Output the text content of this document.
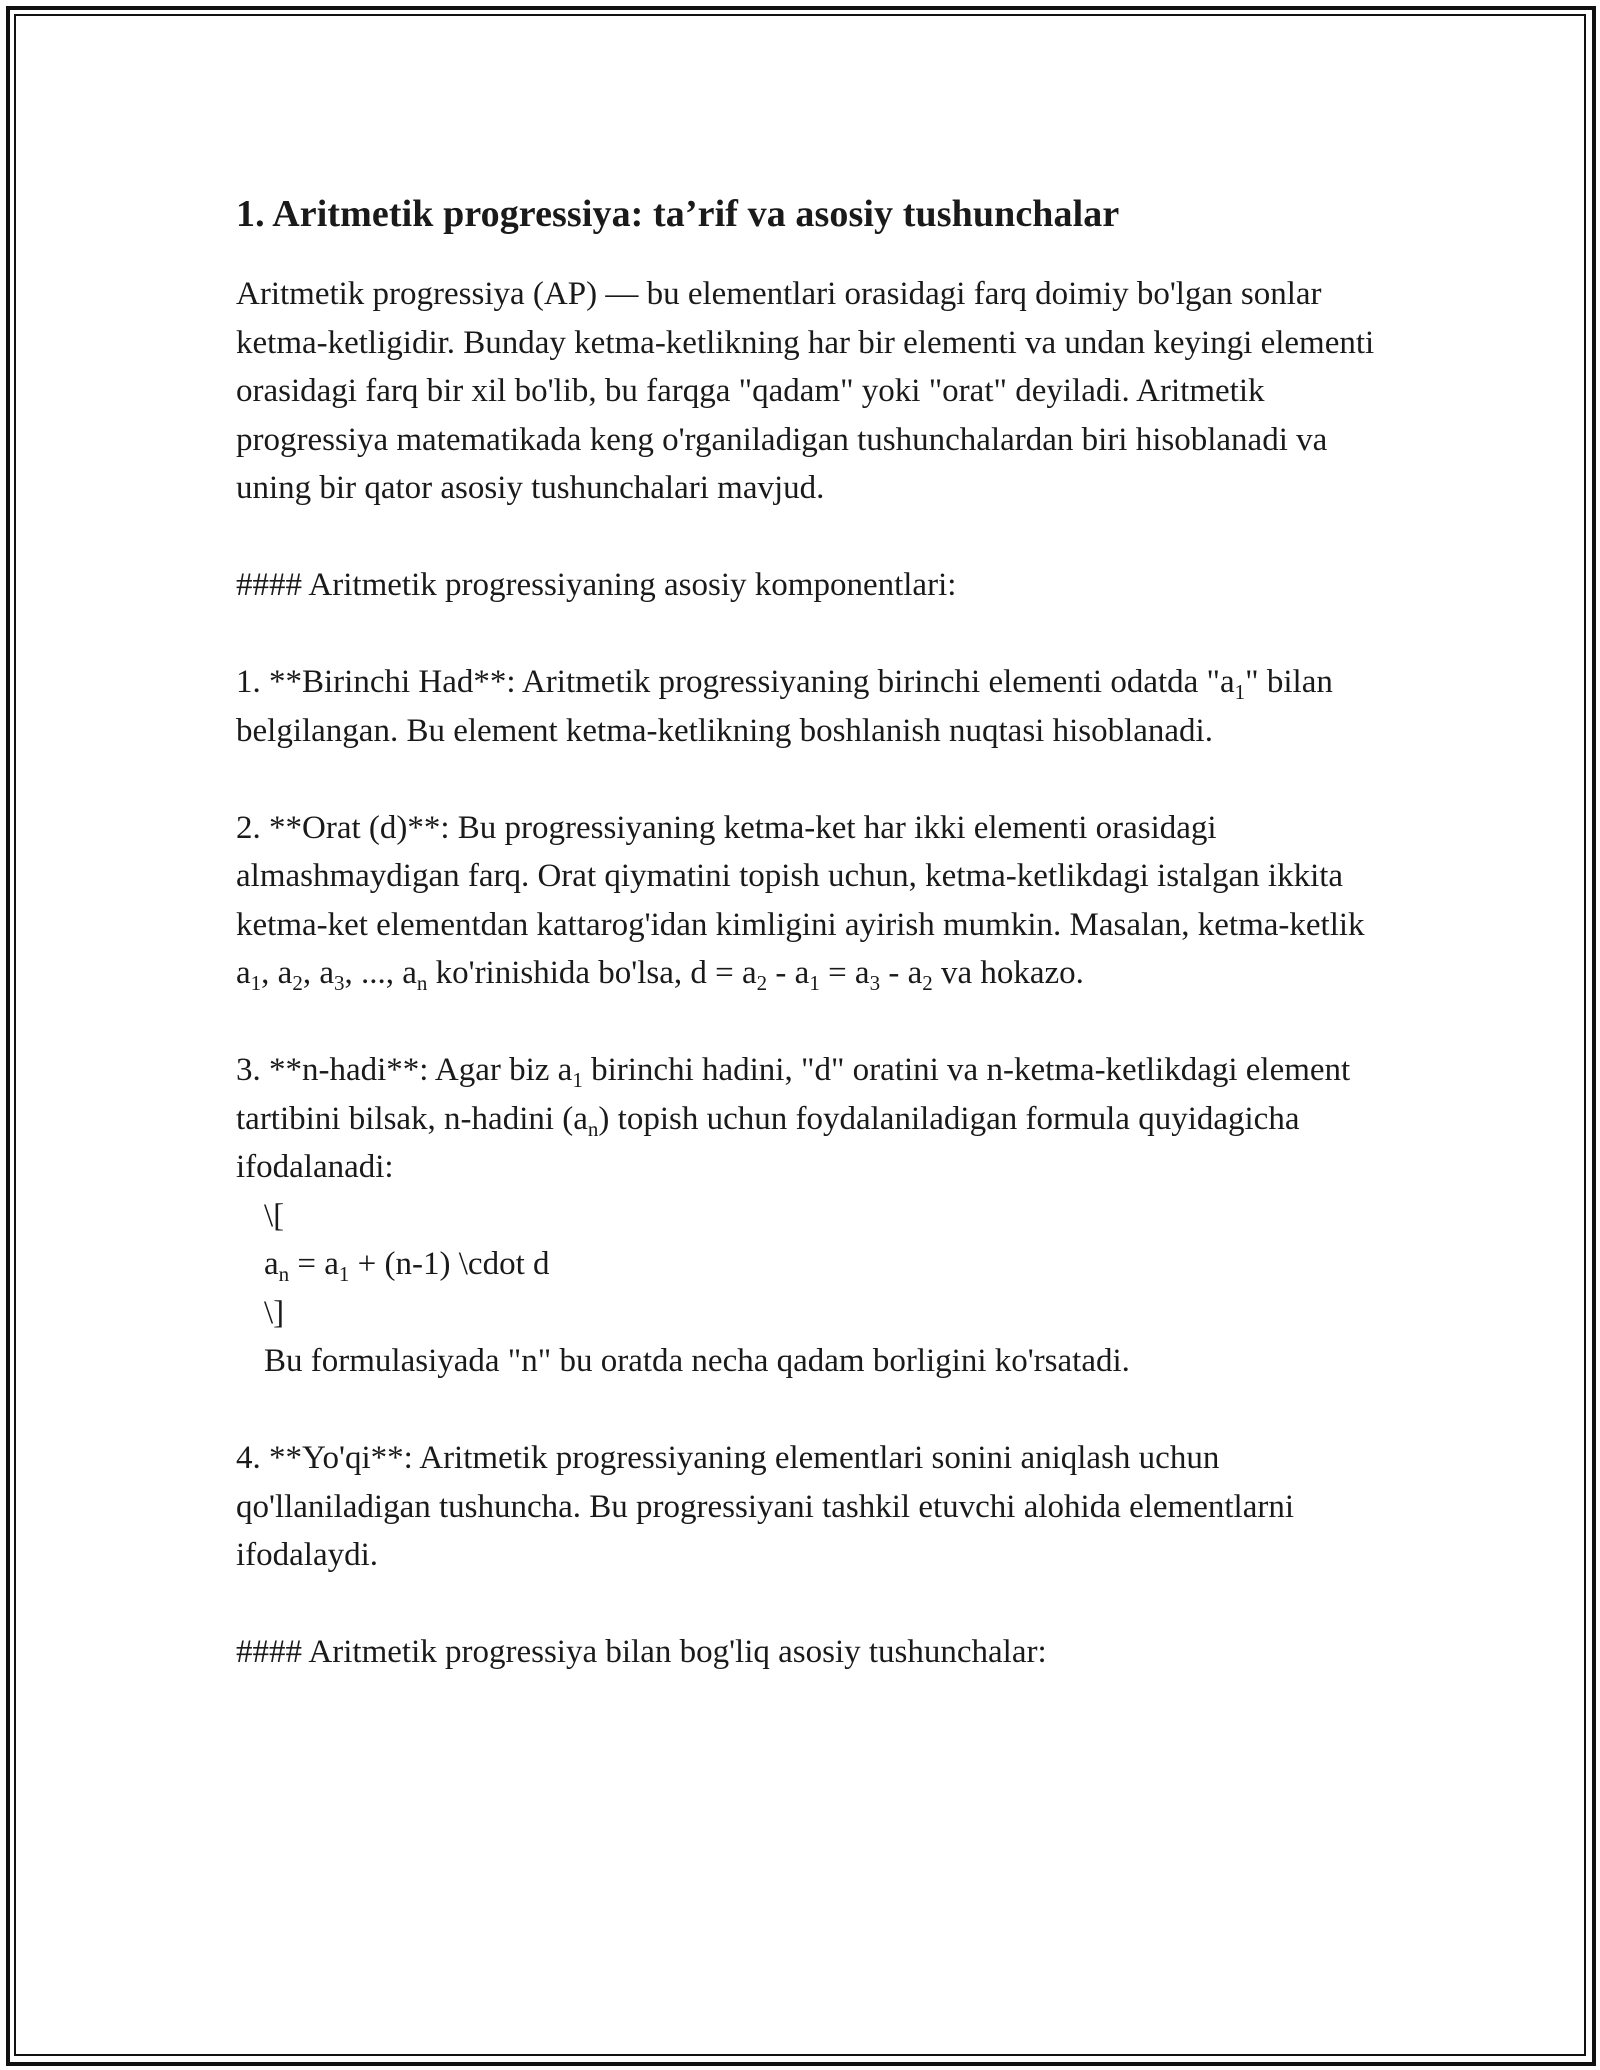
1. Aritmetik progressiya: ta’rif va asosiy tushunchalar

Aritmetik progressiya (AP) — bu elementlari orasidagi farq doimiy bo'lgan sonlar ketma-ketligidir. Bunday ketma-ketlikning har bir elementi va undan keyingi elementi orasidagi farq bir xil bo'lib, bu farqga "qadam" yoki "orat" deyiladi. Aritmetik progressiya matematikada keng o'rganiladigan tushunchalardan biri hisoblanadi va uning bir qator asosiy tushunchalari mavjud.

#### Aritmetik progressiyaning asosiy komponentlari:

1. **Birinchi Had**: Aritmetik progressiyaning birinchi elementi odatda "$a_1$" bilan belgilangan. Bu element ketma-ketlikning boshlanish nuqtasi hisoblanadi.

2. **Orat (d)**: Bu progressiyaning ketma-ket har ikki elementi orasidagi almashmaydigan farq. Orat qiymatini topish uchun, ketma-ketlikdagi istalgan ikkita ketma-ket elementdan kattarog'idan kimligini ayirish mumkin. Masalan, ketma-ketlik $a_1$, $a_2$, $a_3$, ..., $a_n$ ko'rinishida bo'lsa, $d = a_2 - a_1 = a_3 - a_2$ va hokazo.

3. **n-hadi**: Agar biz $a_1$ birinchi hadini, "d" oratini va n-ketma-ketlikdagi element tartibini bilsak, n-hadini $(a_n)$ topish uchun foydalaniladigan formula quyidagicha ifodalanadi:

\[

$a_n = a_1 + (n-1)$ \cdot d

\]

Bu formulasiyada "n" bu oratda necha qadam borligini ko'rsatadi.

4. **Yo'qi**: Aritmetik progressiyaning elementlari sonini aniqlash uchun qo'llaniladigan tushuncha. Bu progressiyani tashkil etuvchi alohida elementlarni ifodalaydi.

#### Aritmetik progressiya bilan bog'liq asosiy tushunchalar:
